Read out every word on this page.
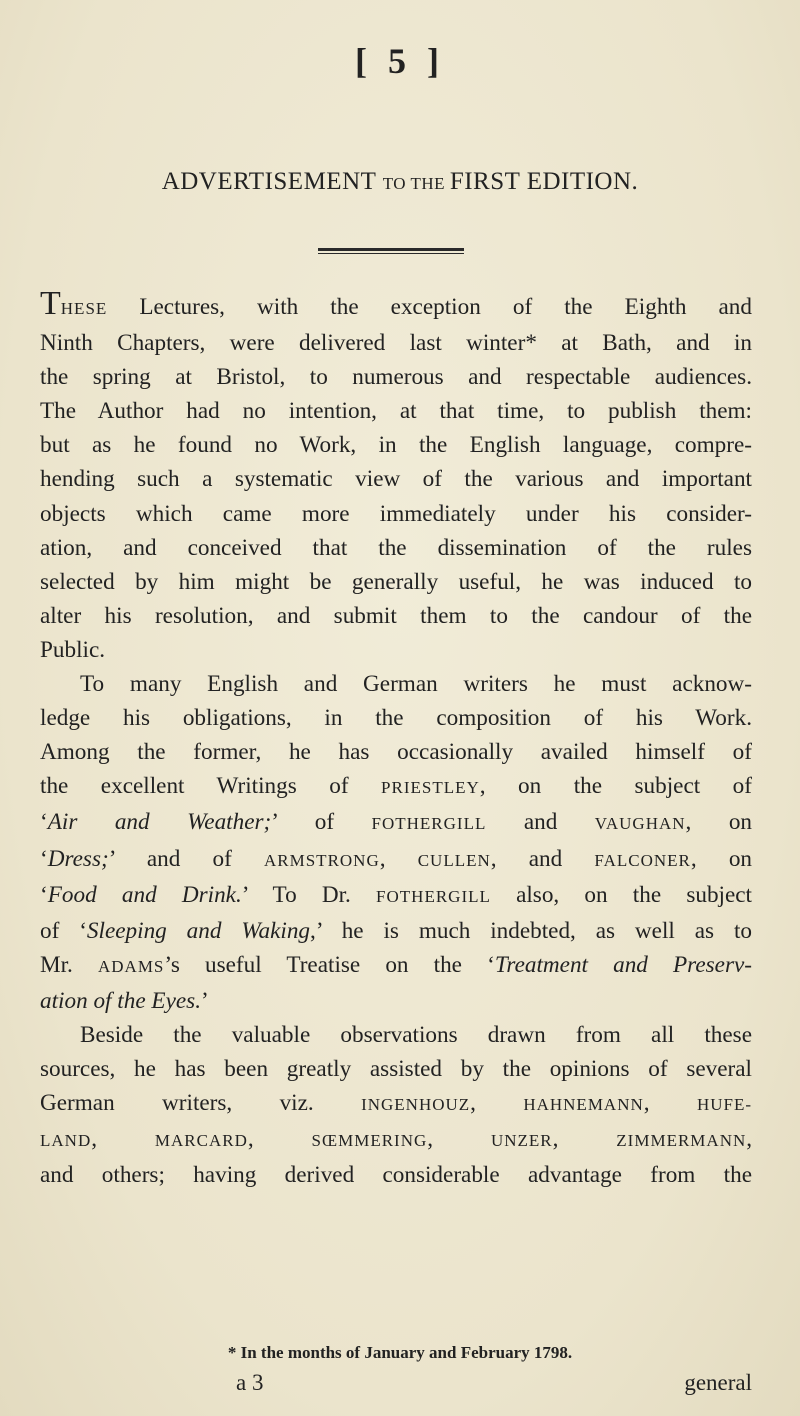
[ 5 ]
ADVERTISEMENT TO THE FIRST EDITION.
THESE Lectures, with the exception of the Eighth and
Ninth Chapters, were delivered last winter* at Bath, and in
the spring at Bristol, to numerous and respectable audiences.
The Author had no intention, at that time, to publish them:
but as he found no Work, in the English language, compre-
hending such a systematic view of the various and important
objects which came more immediately under his consider-
ation, and conceived that the dissemination of the rules
selected by him might be generally useful, he was induced to
alter his resolution, and submit them to the candour of the
Public.
To many English and German writers he must acknow-
ledge his obligations, in the composition of his Work.
Among the former, he has occasionally availed himself of
the excellent Writings of PRIESTLEY, on the subject of
‘Air and Weather;’ of FOTHERGILL and VAUGHAN, on
‘Dress;’ and of ARMSTRONG, CULLEN, and FALCONER, on
‘Food and Drink.’ To Dr. FOTHERGILL also, on the subject
of ‘Sleeping and Waking,’ he is much indebted, as well as to
Mr. ADAMS’s useful Treatise on the ‘Treatment and Preserv-
ation of the Eyes.’
Beside the valuable observations drawn from all these
sources, he has been greatly assisted by the opinions of several
German writers, viz. INGENHOUZ, HAHNEMANN, HUFE-
LAND, MARCARD, SŒMMERING, UNZER, ZIMMERMANN,
and others; having derived considerable advantage from the
* In the months of January and February 1798.
a 3	general
